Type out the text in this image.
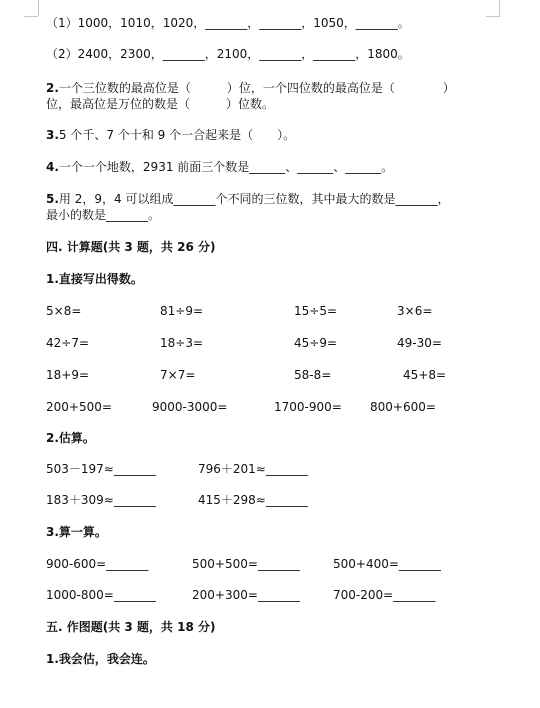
（1）1000，1010，1020，_______，_______，1050，_______。
（2）2400，2300，_______，2100，_______，_______，1800。
2.一个三位数的最高位是（　　　）位，一个四位数的最高位是（　　　　）
位，最高位是万位的数是（　　　）位数。
3.5 个千、7 个十和 9 个一合起来是（　　）。
4.一个一个地数，2931 前面三个数是______、______、______。
5.用 2，9，4 可以组成_______个不同的三位数，其中最大的数是_______，
最小的数是_______。
四. 计算题(共 3 题，共 26 分)
1.直接写出得数。
5×8=	81÷9=	15÷5=	3×6=
42÷7=	18÷3=	45÷9=	49-30=
18+9=	7×7=	58-8=	45+8=
200+500=	9000-3000=	1700-900= 800+600=
2.估算。
503－197≈_______	796＋201≈_______
183＋309≈_______	415＋298≈_______
3.算一算。
900-600=_______	500+500=_______	500+400=_______
1000-800=_______	200+300=_______	700-200=_______
五. 作图题(共 3 题，共 18 分)
1.我会估，我会连。
